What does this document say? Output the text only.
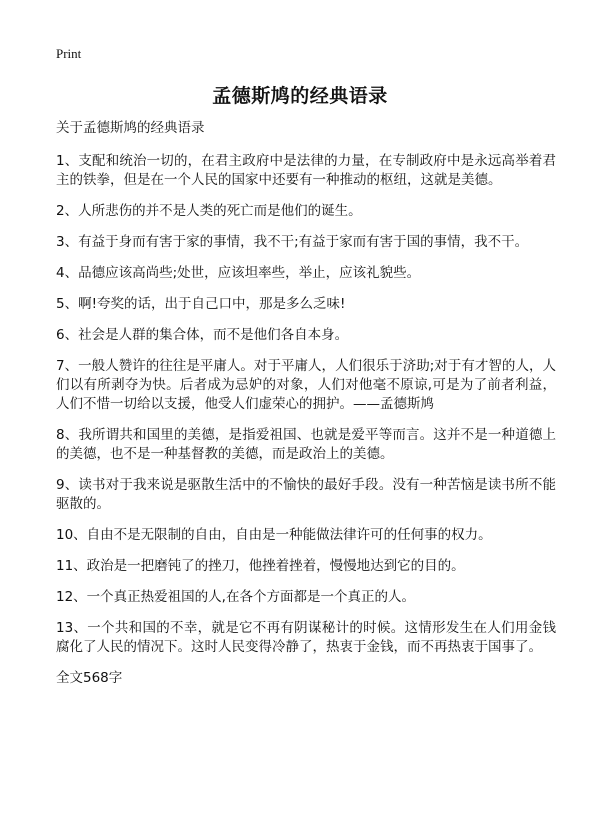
Print
孟德斯鸠的经典语录

关于孟德斯鸠的经典语录

1、支配和统治一切的，在君主政府中是法律的力量，在专制政府中是永远高举着君主的铁拳，但是在一个人民的国家中还要有一种推动的枢纽，这就是美德。

2、人所悲伤的并不是人类的死亡而是他们的诞生。

3、有益于身而有害于家的事情，我不干;有益于家而有害于国的事情，我不干。

4、品德应该高尚些;处世，应该坦率些，举止，应该礼貌些。

5、啊!夸奖的话，出于自己口中，那是多么乏味!

6、社会是人群的集合体，而不是他们各自本身。

7、一般人赞许的往往是平庸人。对于平庸人，人们很乐于济助;对于有才智的人，人们以有所剥夺为快。后者成为忌妒的对象，人们对他毫不原谅,可是为了前者利益，人们不惜一切给以支援，他受人们虚荣心的拥护。——孟德斯鸠

8、我所谓共和国里的美德，是指爱祖国、也就是爱平等而言。这并不是一种道德上的美德，也不是一种基督教的美德，而是政治上的美德。

9、读书对于我来说是驱散生活中的不愉快的最好手段。没有一种苦恼是读书所不能驱散的。

10、自由不是无限制的自由，自由是一种能做法律许可的任何事的权力。

11、政治是一把磨钝了的挫刀，他挫着挫着，慢慢地达到它的目的。

12、一个真正热爱祖国的人,在各个方面都是一个真正的人。

13、一个共和国的不幸，就是它不再有阴谋秘计的时候。这情形发生在人们用金钱腐化了人民的情况下。这时人民变得冷静了，热衷于金钱，而不再热衷于国事了。

全文568字
